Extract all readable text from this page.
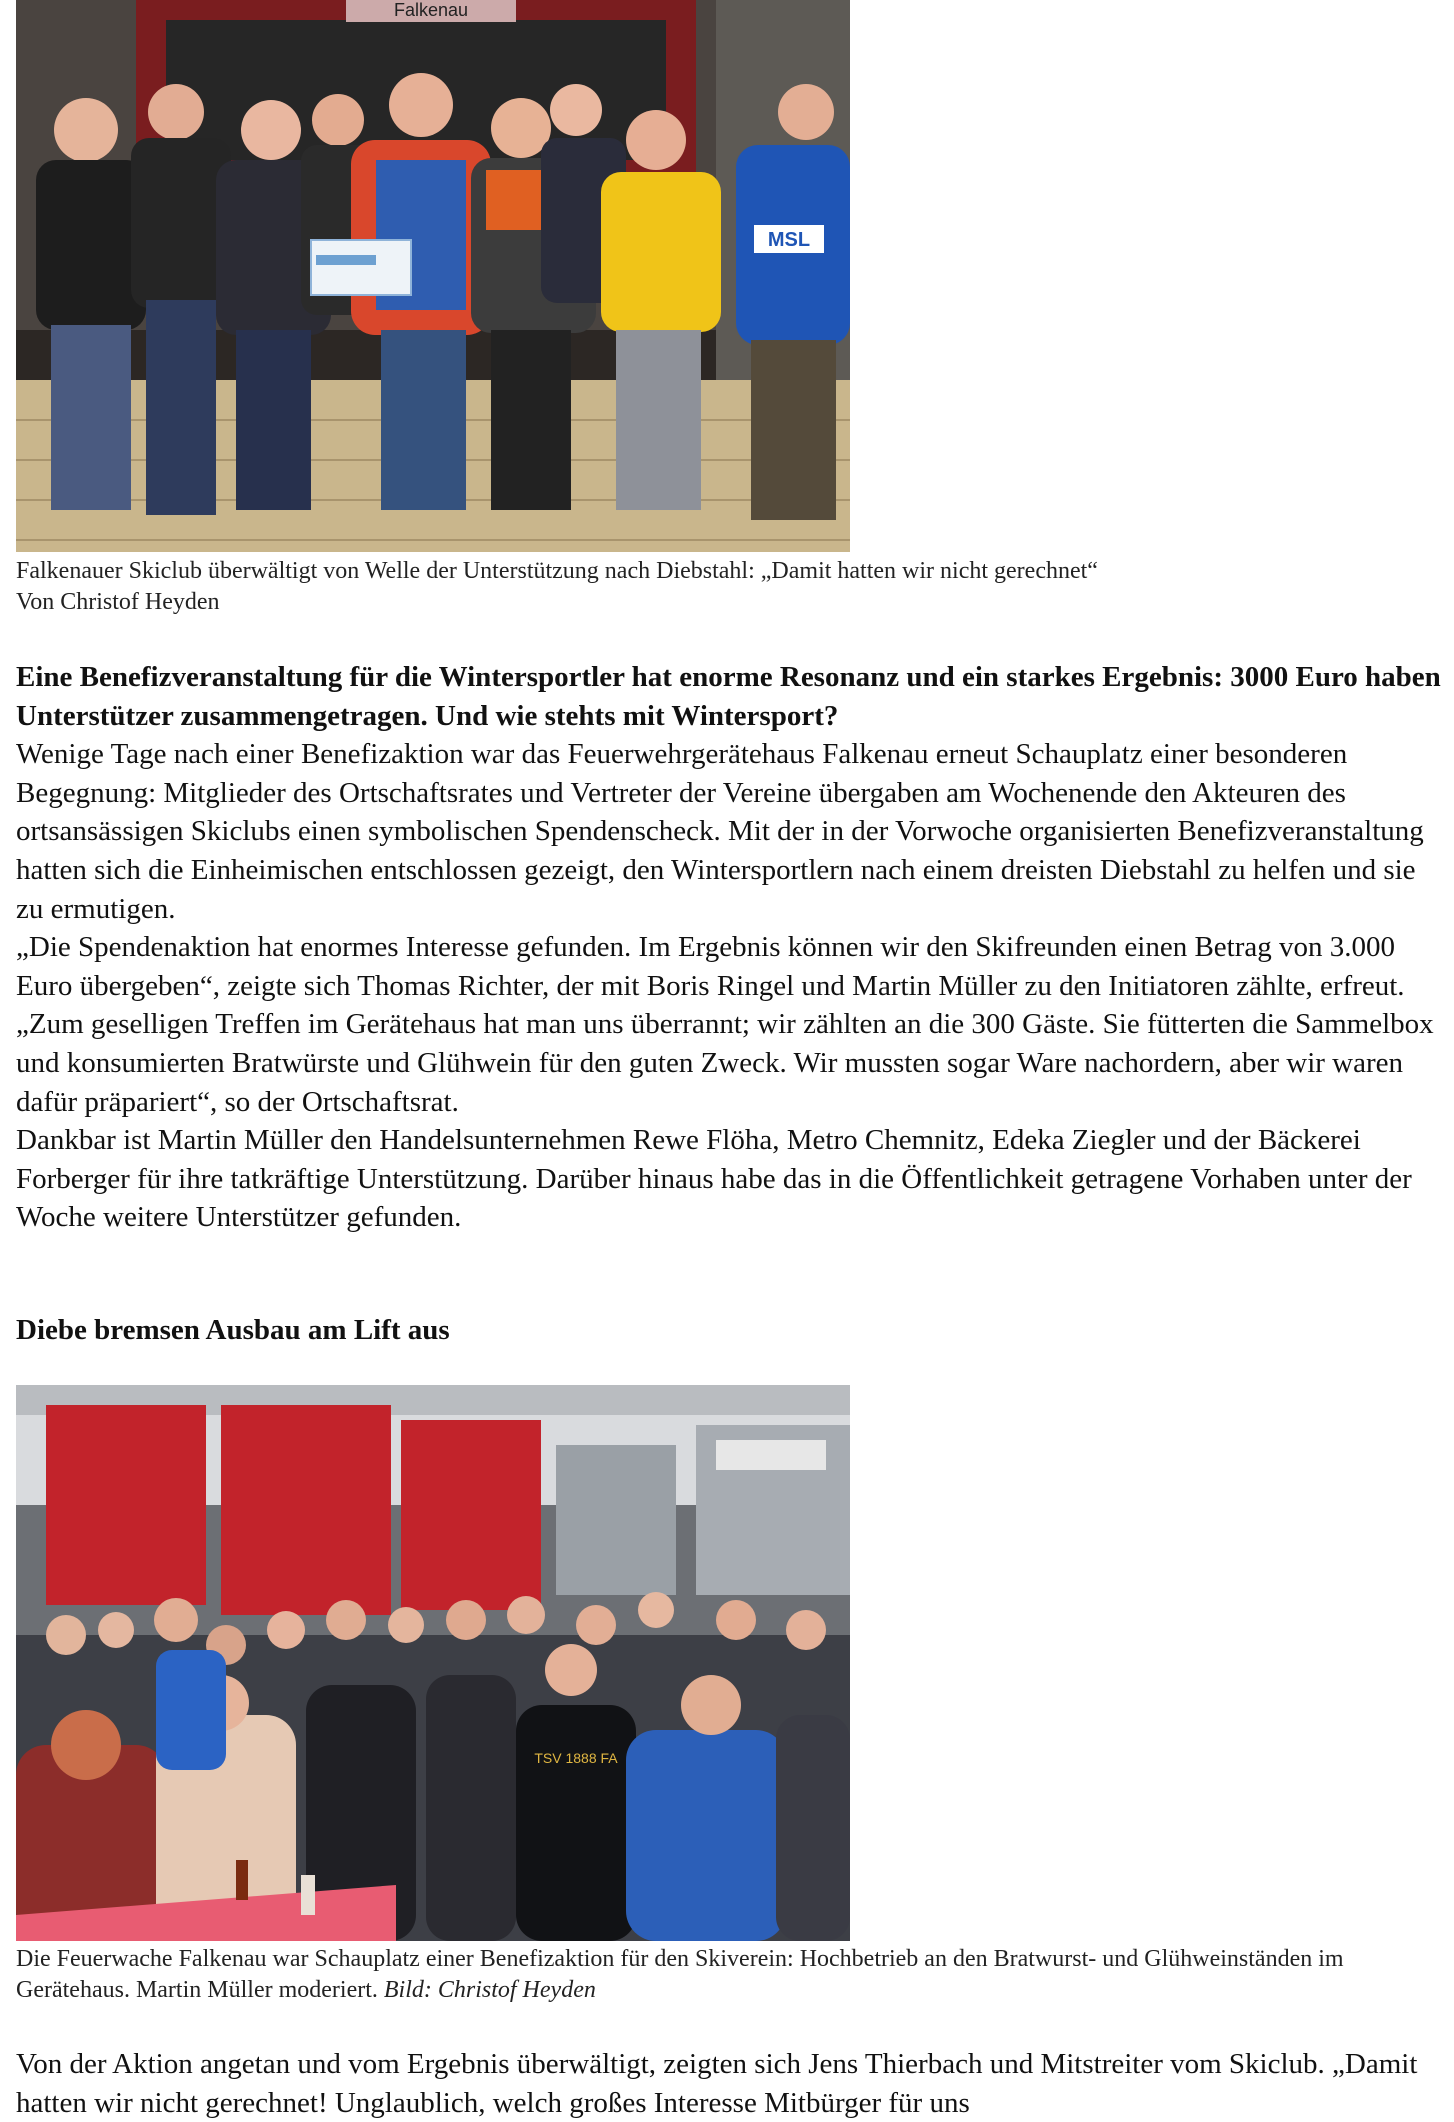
Falkenau
MSL
Falkenauer Skiclub überwältigt von Welle der Unterstützung nach Diebstahl: „Damit hatten wir nicht gerechnet“
Von Christof Heyden

Eine Benefizveranstaltung für die Wintersportler hat enorme Resonanz und ein starkes Ergebnis: 3000 Euro haben Unterstützer zusammengetragen. Und wie stehts mit Wintersport?

Wenige Tage nach einer Benefizaktion war das Feuerwehrgerätehaus Falkenau erneut Schauplatz einer besonderen Begegnung: Mitglieder des Ortschaftsrates und Vertreter der Vereine übergaben am Wochenende den Akteuren des ortsansässigen Skiclubs einen symbolischen Spendenscheck. Mit der in der Vorwoche organisierten Benefizveranstaltung hatten sich die Einheimischen entschlossen gezeigt, den Wintersportlern nach einem dreisten Diebstahl zu helfen und sie zu ermutigen.

„Die Spendenaktion hat enormes Interesse gefunden. Im Ergebnis können wir den Skifreunden einen Betrag von 3.000 Euro übergeben“, zeigte sich Thomas Richter, der mit Boris Ringel und Martin Müller zu den Initiatoren zählte, erfreut. „Zum geselligen Treffen im Gerätehaus hat man uns überrannt; wir zählten an die 300 Gäste. Sie fütterten die Sammelbox und konsumierten Bratwürste und Glühwein für den guten Zweck. Wir mussten sogar Ware nachordern, aber wir waren dafür präpariert“, so der Ortschaftsrat.

Dankbar ist Martin Müller den Handelsunternehmen Rewe Flöha, Metro Chemnitz, Edeka Ziegler und der Bäckerei Forberger für ihre tatkräftige Unterstützung. Darüber hinaus habe das in die Öffentlichkeit getragene Vorhaben unter der Woche weitere Unterstützer gefunden.

Diebe bremsen Ausbau am Lift aus
TSV 1888 FA
Die Feuerwache Falkenau war Schauplatz einer Benefizaktion für den Skiverein: Hochbetrieb an den Bratwurst- und Glühweinständen im Gerätehaus. Martin Müller moderiert. Bild: Christof Heyden
Von der Aktion angetan und vom Ergebnis überwältigt, zeigten sich Jens Thierbach und Mitstreiter vom Skiclub. „Damit hatten wir nicht gerechnet! Unglaublich, welch großes Interesse Mitbürger für uns
